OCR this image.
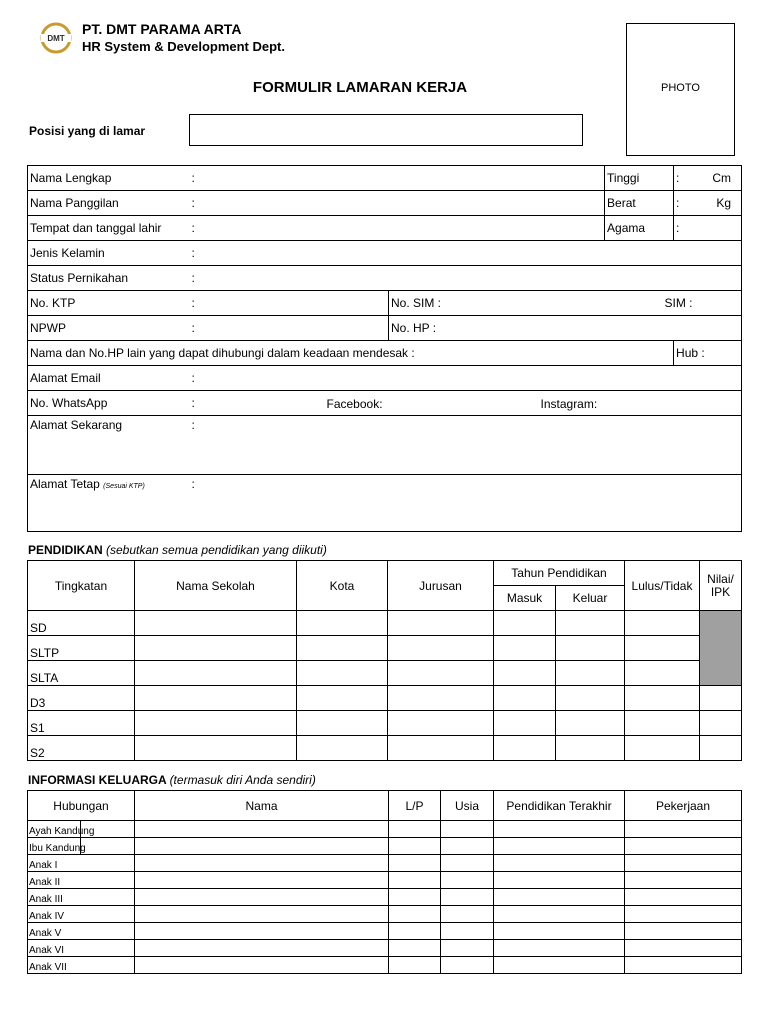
DMT
PT. DMT PARAMA ARTA
HR System & Development Dept.
FORMULIR LAMARAN KERJA	PHOTO
Posisi yang di lamar
Nama Lengkap	:		Tinggi	: Cm
Nama Panggilan	:		Berat	: Kg
Tempat dan tanggal lahir	:		Agama	:
Jenis Kelamin	:			
Status Pernikahan	:			
No. KTP	:	No. SIM : SIM :		

NPWP	:	No. HP :		
Nama dan No.HP lain yang dapat dihubungi dalam keadaan mendesak :				Hub :
Alamat Email	:			
No. WhatsApp	: Facebook: Instagram:			

Alamat Sekarang	:			
Alamat Tetap (Sesuai KTP)	:			
PENDIDIKAN (sebutkan semua pendidikan yang diikuti)
Tingkatan	Nama Sekolah	Kota	Jurusan	Tahun Pendidikan		Lulus/Tidak	Nilai/ IPK
				Masuk	Keluar		
SD							
SLTP							
SLTA							
D3							
S1							
S2							
INFORMASI KELUARGA (termasuk diri Anda sendiri)
Hubungan	Nama	L/P	Usia	Pendidikan Terakhir	Pekerjaan
Ayah Kandung

Ibu Kandung

Anak I					
Anak II					
Anak III					
Anak IV					
Anak V					
Anak VI					
Anak VII					
